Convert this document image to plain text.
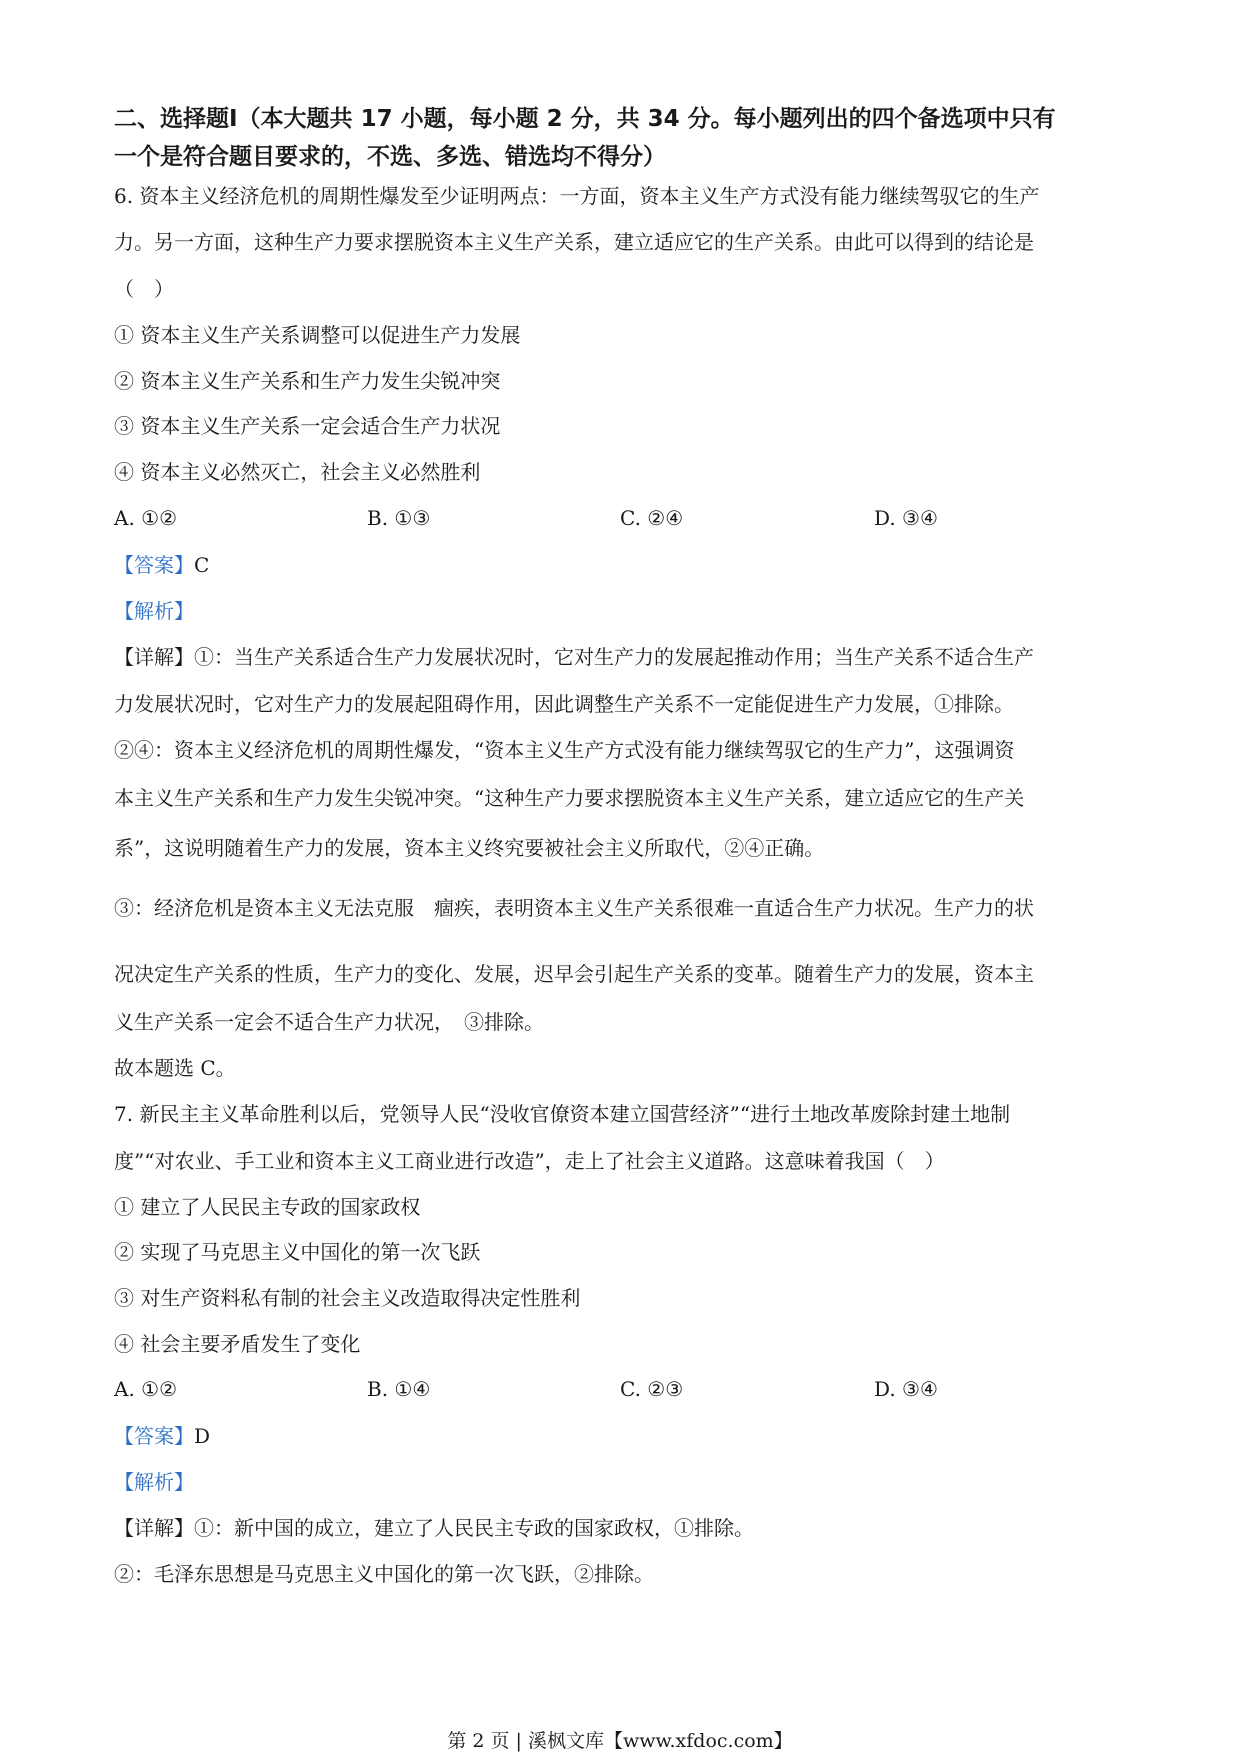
二、选择题Ⅰ（本大题共 17 小题，每小题 2 分，共 34 分。每小题列出的四个备选项中只有
一个是符合题目要求的，不选、多选、错选均不得分）
6. 资本主义经济危机的周期性爆发至少证明两点：一方面，资本主义生产方式没有能力继续驾驭它的生产
力。另一方面，这种生产力要求摆脱资本主义生产关系，建立适应它的生产关系。由此可以得到的结论是
（　）
① 资本主义生产关系调整可以促进生产力发展
② 资本主义生产关系和生产力发生尖锐冲突
③ 资本主义生产关系一定会适合生产力状况
④ 资本主义必然灭亡，社会主义必然胜利
A. ①②	B. ①③	C. ②④	D. ③④
【答案】C
【解析】
【详解】①：当生产关系适合生产力发展状况时，它对生产力的发展起推动作用；当生产关系不适合生产
力发展状况时，它对生产力的发展起阻碍作用，因此调整生产关系不一定能促进生产力发展，①排除。
②④：资本主义经济危机的周期性爆发，“资本主义生产方式没有能力继续驾驭它的生产力”，这强调资
本主义生产关系和生产力发生尖锐冲突。“这种生产力要求摆脱资本主义生产关系，建立适应它的生产关
系”，这说明随着生产力的发展，资本主义终究要被社会主义所取代，②④正确。
③：经济危机是资本主义无法克服　痼疾，表明资本主义生产关系很难一直适合生产力状况。生产力的状
况决定生产关系的性质，生产力的变化、发展，迟早会引起生产关系的变革。随着生产力的发展，资本主
义生产关系一定会不适合生产力状况，　③排除。
故本题选 C。
7. 新民主主义革命胜利以后，党领导人民“没收官僚资本建立国营经济”“进行土地改革废除封建土地制
度”“对农业、手工业和资本主义工商业进行改造”，走上了社会主义道路。这意味着我国（　）
① 建立了人民民主专政的国家政权
② 实现了马克思主义中国化的第一次飞跃
③ 对生产资料私有制的社会主义改造取得决定性胜利
④ 社会主要矛盾发生了变化
A. ①②	B. ①④	C. ②③	D. ③④
【答案】D
【解析】
【详解】①：新中国的成立，建立了人民民主专政的国家政权，①排除。
②：毛泽东思想是马克思主义中国化的第一次飞跃，②排除。
第 2 页 | 溪枫文库【www.xfdoc.com】
